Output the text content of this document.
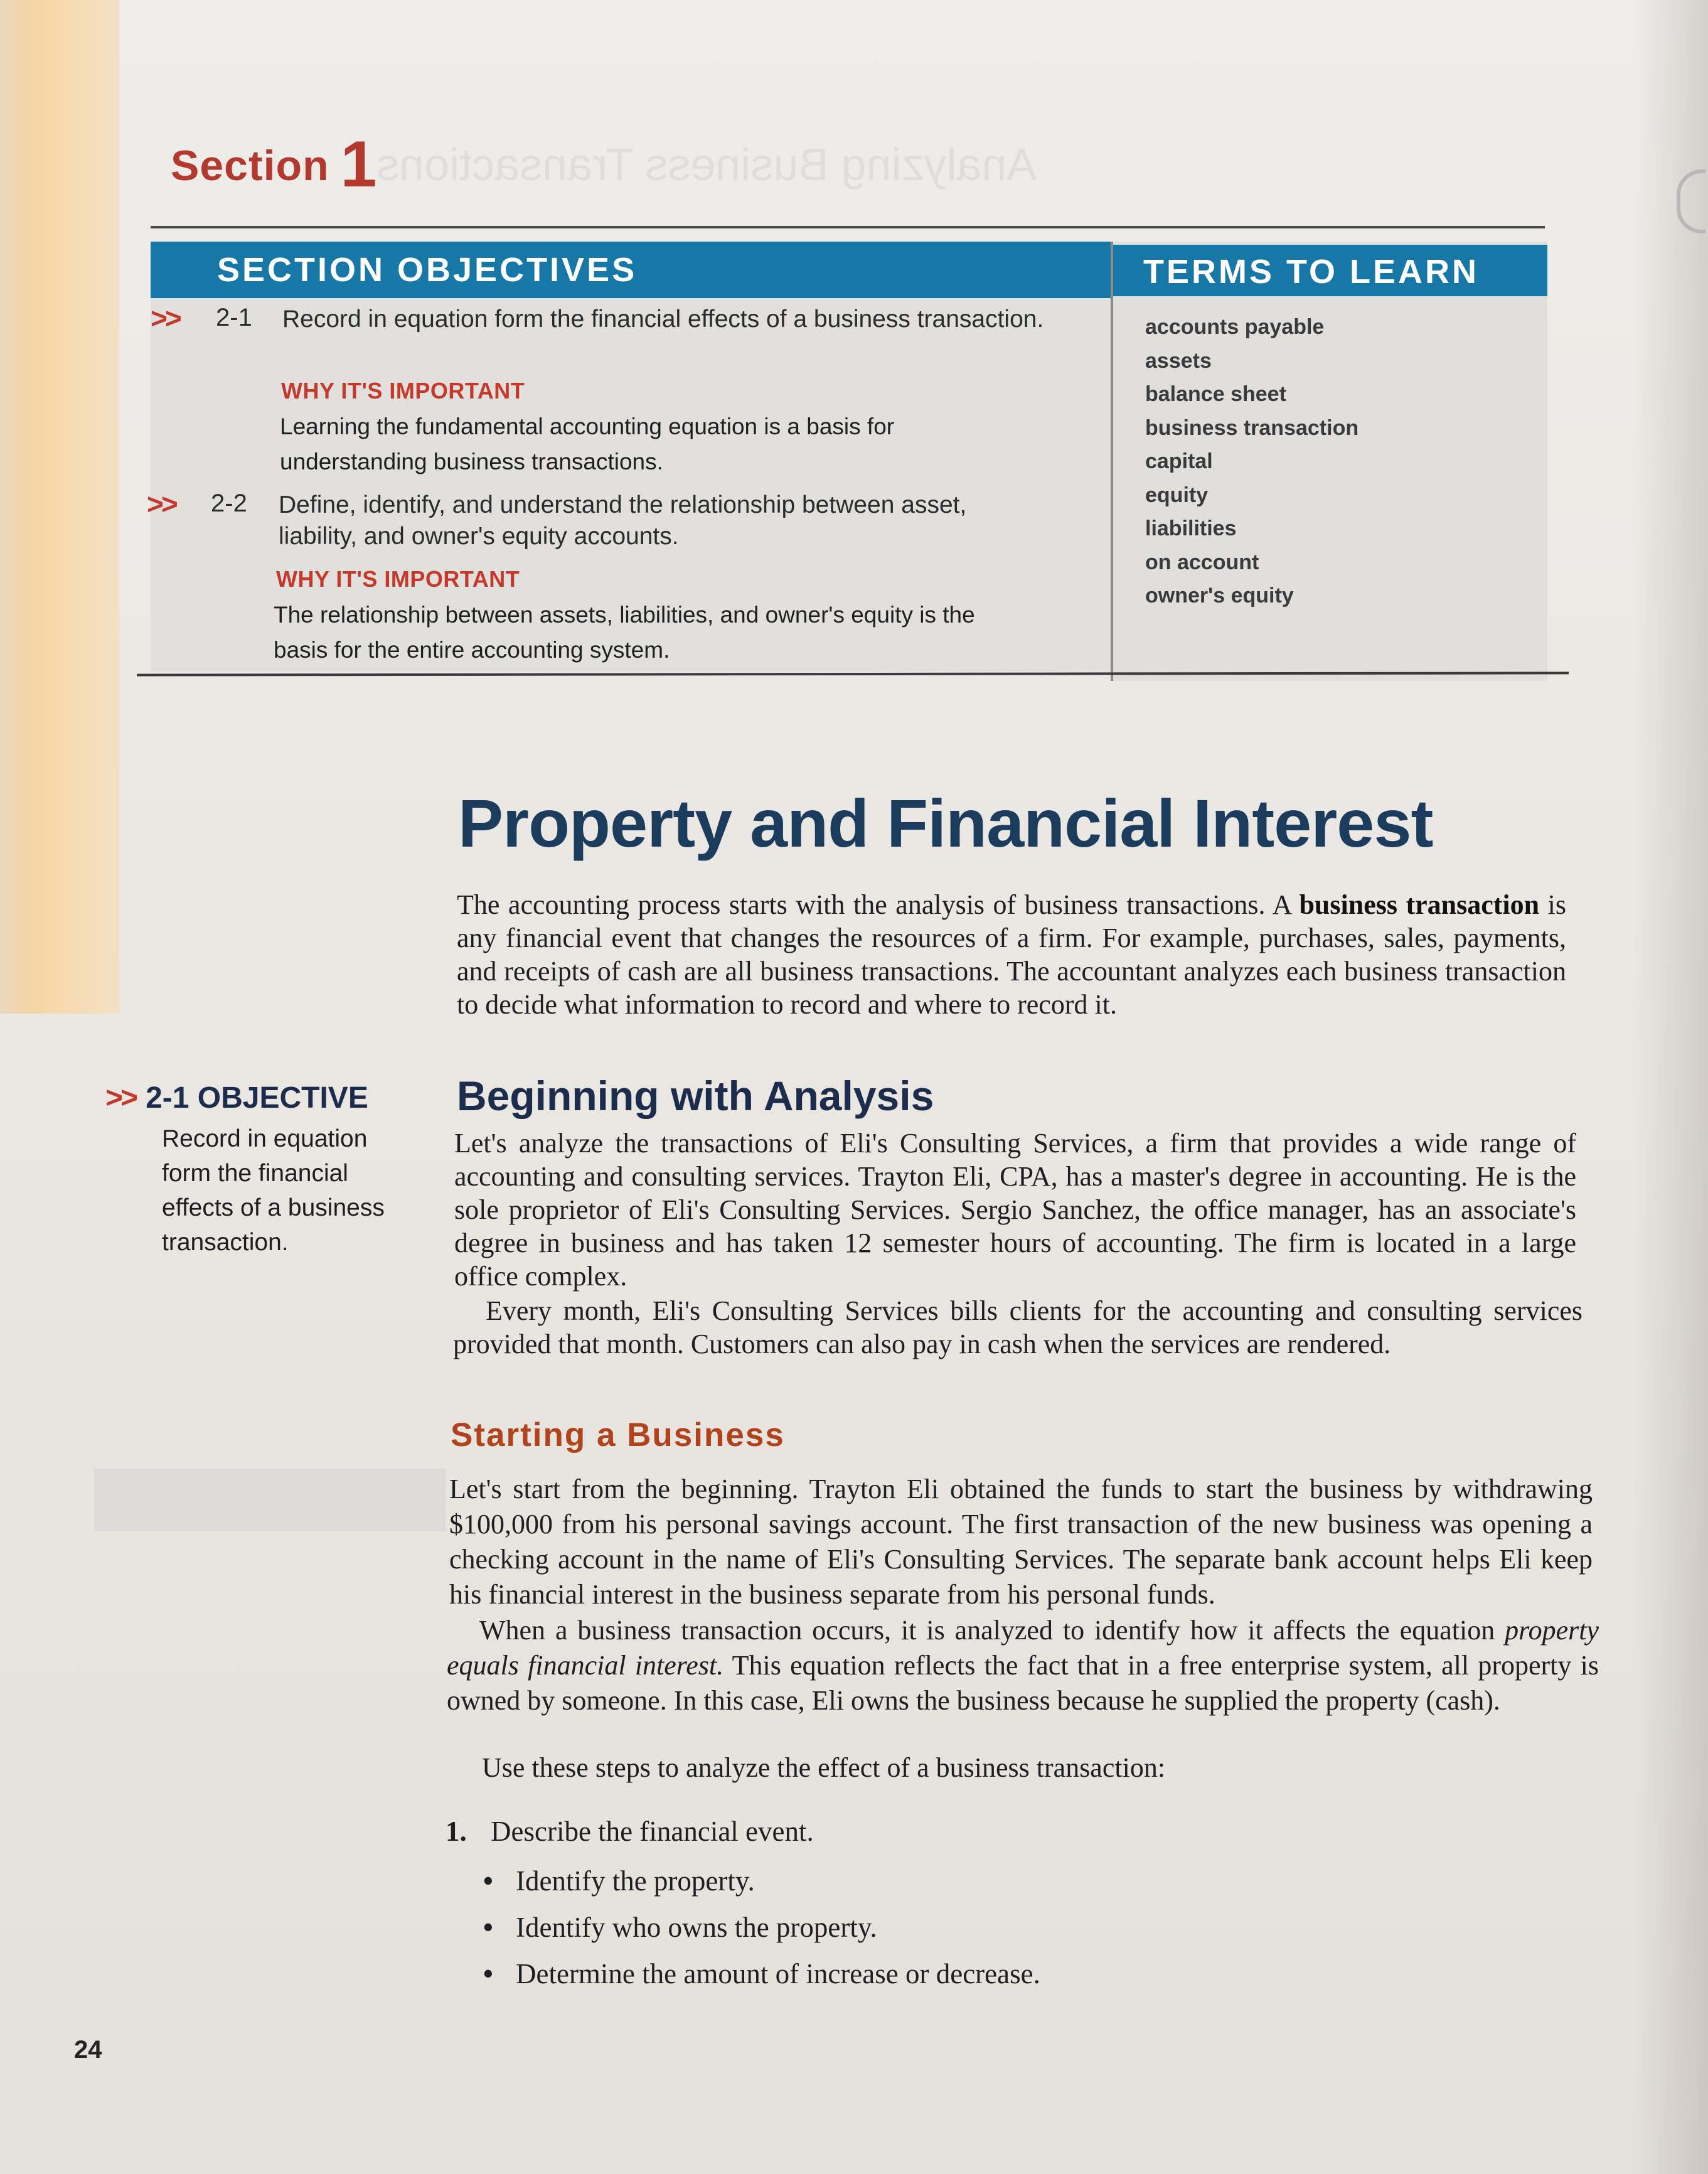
Section 1
Analyzing Business Transactions
SECTION OBJECTIVES	TERMS TO LEARN
>> 2-1 Record in equation form the financial effects of a business transaction.
WHY IT'S IMPORTANT
Learning the fundamental accounting equation is a basis for understanding business transactions.
>> 2-2 Define, identify, and understand the relationship between asset, liability, and owner's equity accounts.
WHY IT'S IMPORTANT
The relationship between assets, liabilities, and owner's equity is the basis for the entire accounting system.
accounts payable
assets
balance sheet
business transaction
capital
equity
liabilities
on account
owner's equity
Property and Financial Interest
The accounting process starts with the analysis of business transactions. A business transaction is any financial event that changes the resources of a firm. For example, purchases, sales, payments, and receipts of cash are all business transactions. The accountant analyzes each business transaction to decide what information to record and where to record it.
>> 2-1 OBJECTIVE
Record in equation form the financial effects of a business transaction.
Beginning with Analysis
Let's analyze the transactions of Eli's Consulting Services, a firm that provides a wide range of accounting and consulting services. Trayton Eli, CPA, has a master's degree in accounting. He is the sole proprietor of Eli's Consulting Services. Sergio Sanchez, the office manager, has an associate's degree in business and has taken 12 semester hours of accounting. The firm is located in a large office complex.
Every month, Eli's Consulting Services bills clients for the accounting and consulting services provided that month. Customers can also pay in cash when the services are rendered.
Starting a Business
Let's start from the beginning. Trayton Eli obtained the funds to start the business by withdrawing $100,000 from his personal savings account. The first transaction of the new business was opening a checking account in the name of Eli's Consulting Services. The separate bank account helps Eli keep his financial interest in the business separate from his personal funds.
When a business transaction occurs, it is analyzed to identify how it affects the equation property equals financial interest. This equation reflects the fact that in a free enterprise system, all property is owned by someone. In this case, Eli owns the business because he supplied the property (cash).
Use these steps to analyze the effect of a business transaction:
1. Describe the financial event.
• Identify the property.
• Identify who owns the property.
• Determine the amount of increase or decrease.
24
